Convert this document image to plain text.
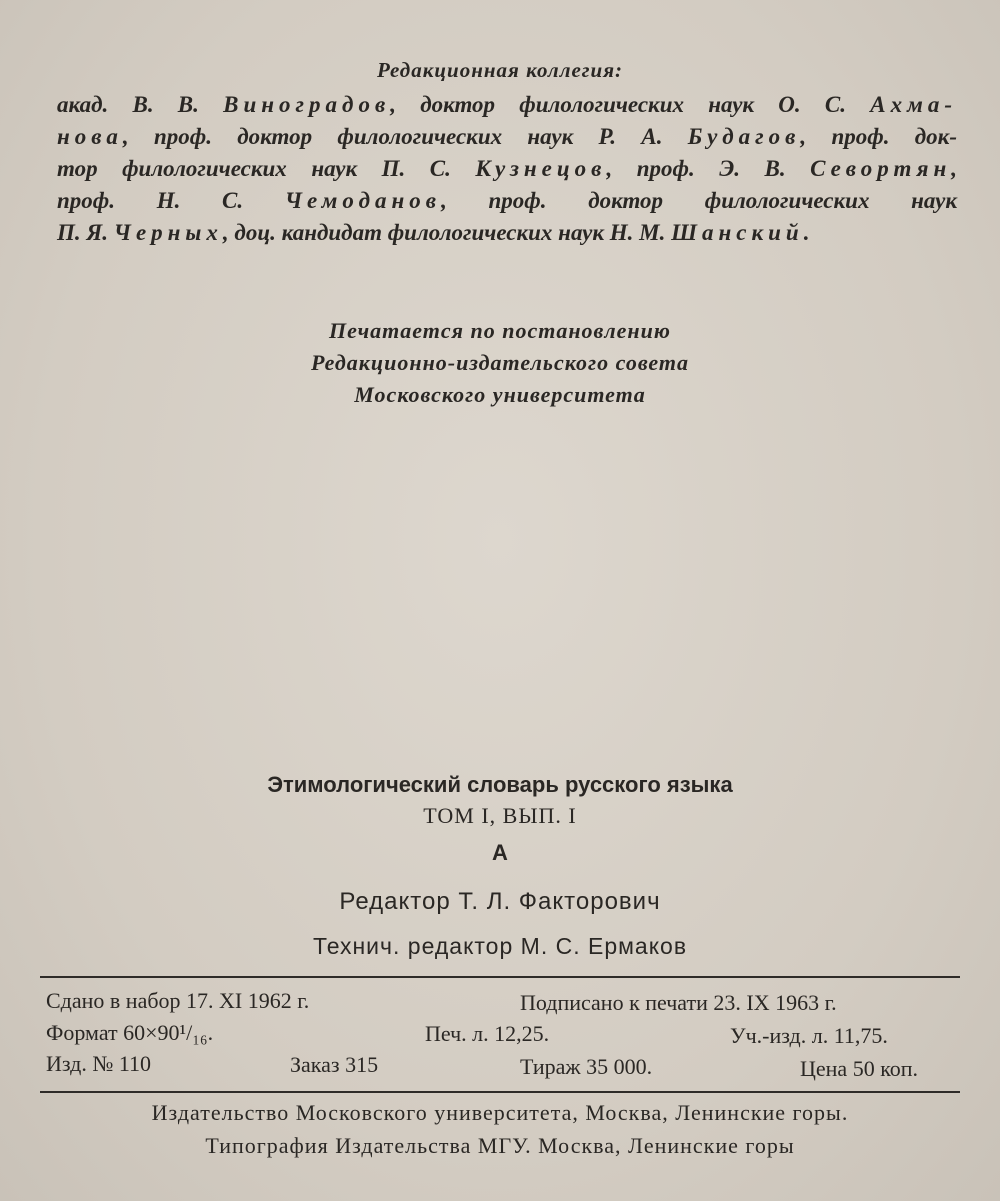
Редакционная коллегия:
акад. В. В. Виноградов, доктор филологических наук О. С. Ахма-
нова, проф. доктор филологических наук Р. А. Будагов, проф. док-
тор филологических наук П. С. Кузнецов, проф. Э. В. Севортян,
проф. Н. С. Чемоданов, проф. доктор филологических наук
П. Я. Черных, доц. кандидат филологических наук Н. М. Шанский.
Печатается по постановлению
Редакционно-издательского совета
Московского университета
Этимологический словарь русского языка
ТОМ I, ВЫП. I
А
Редактор Т. Л. Факторович
Технич. редактор М. С. Ермаков
Сдано в набор 17. XI 1962 г.	Подписано к печати 23. IX 1963 г.
Формат 60×90¹/₁₆.	Печ. л. 12,25.	Уч.-изд. л. 11,75.
Изд. № 110	Заказ 315	Тираж 35 000.	Цена 50 коп.
Издательство Московского университета, Москва, Ленинские горы.
Типография Издательства МГУ. Москва, Ленинские горы
